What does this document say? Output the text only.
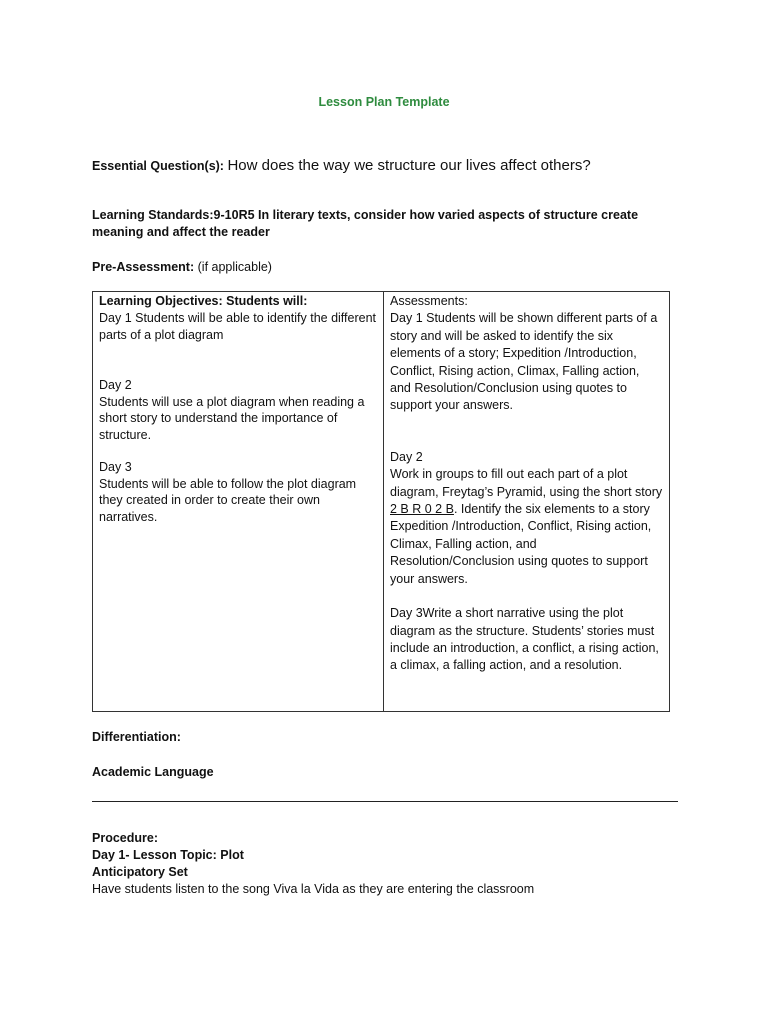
Lesson Plan Template
Essential Question(s): How does the way we structure our lives affect others?
Learning Standards:9-10R5 In literary texts, consider how varied aspects of structure create meaning and affect the reader
Pre-Assessment: (if applicable)
Learning Objectives: Students will:
Day 1 Students will be able to identify the different parts of a plot diagram
Day 2
Students will use a plot diagram when reading a short story to understand the importance of structure.
Day 3
Students will be able to follow the plot diagram they created in order to create their own narratives.

Assessments:
Day 1 Students will be shown different parts of a story and will be asked to identify the six elements of a story; Expedition /Introduction, Conflict, Rising action, Climax, Falling action, and Resolution/Conclusion using quotes to support your answers.
Day 2
Work in groups to fill out each part of a plot diagram, Freytag’s Pyramid, using the short story 2 B R 0 2 B. Identify the six elements to a story Expedition /Introduction, Conflict, Rising action, Climax, Falling action, and Resolution/Conclusion using quotes to support your answers.
Day 3Write a short narrative using the plot diagram as the structure. Students’ stories must include an introduction, a conflict, a rising action, a climax, a falling action, and a resolution.
Differentiation:
Academic Language
Procedure:
Day 1- Lesson Topic: Plot
Anticipatory Set
Have students listen to the song Viva la Vida as they are entering the classroom
